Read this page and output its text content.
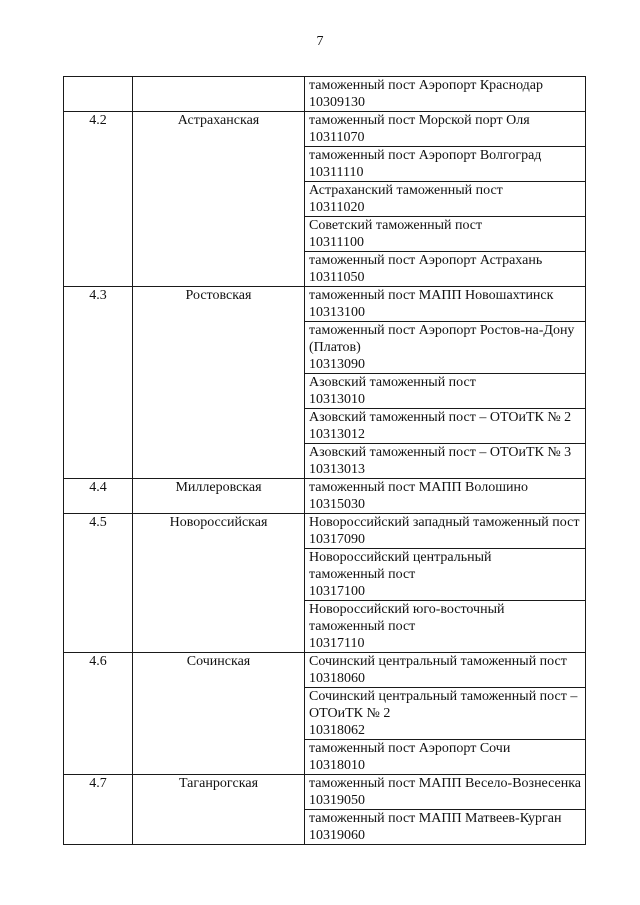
7

		таможенный пост Аэропорт Краснодар
10309130

4.2	Астраханская	таможенный пост Морской порт Оля
10311070

		таможенный пост Аэропорт Волгоград
10311110

		Астраханский таможенный пост
10311020

		Советский таможенный пост
10311100

		таможенный пост Аэропорт Астрахань
10311050

4.3	Ростовская	таможенный пост МАПП Новошахтинск
10313100

		таможенный пост Аэропорт Ростов-на-Дону
(Платов)
10313090

		Азовский таможенный пост
10313010

		Азовский таможенный пост – ОТОиТК № 2
10313012

		Азовский таможенный пост – ОТОиТК № 3
10313013

4.4	Миллеровская	таможенный пост МАПП Волошино
10315030

4.5	Новороссийская	Новороссийский западный таможенный пост
10317090

		Новороссийский центральный
таможенный пост
10317100

		Новороссийский юго-восточный
таможенный пост
10317110

4.6	Сочинская	Сочинский центральный таможенный пост
10318060

		Сочинский центральный таможенный пост –
ОТОиТК № 2
10318062

		таможенный пост Аэропорт Сочи
10318010

4.7	Таганрогская	таможенный пост МАПП Весело-Вознесенка
10319050

		таможенный пост МАПП Матвеев-Курган
10319060
